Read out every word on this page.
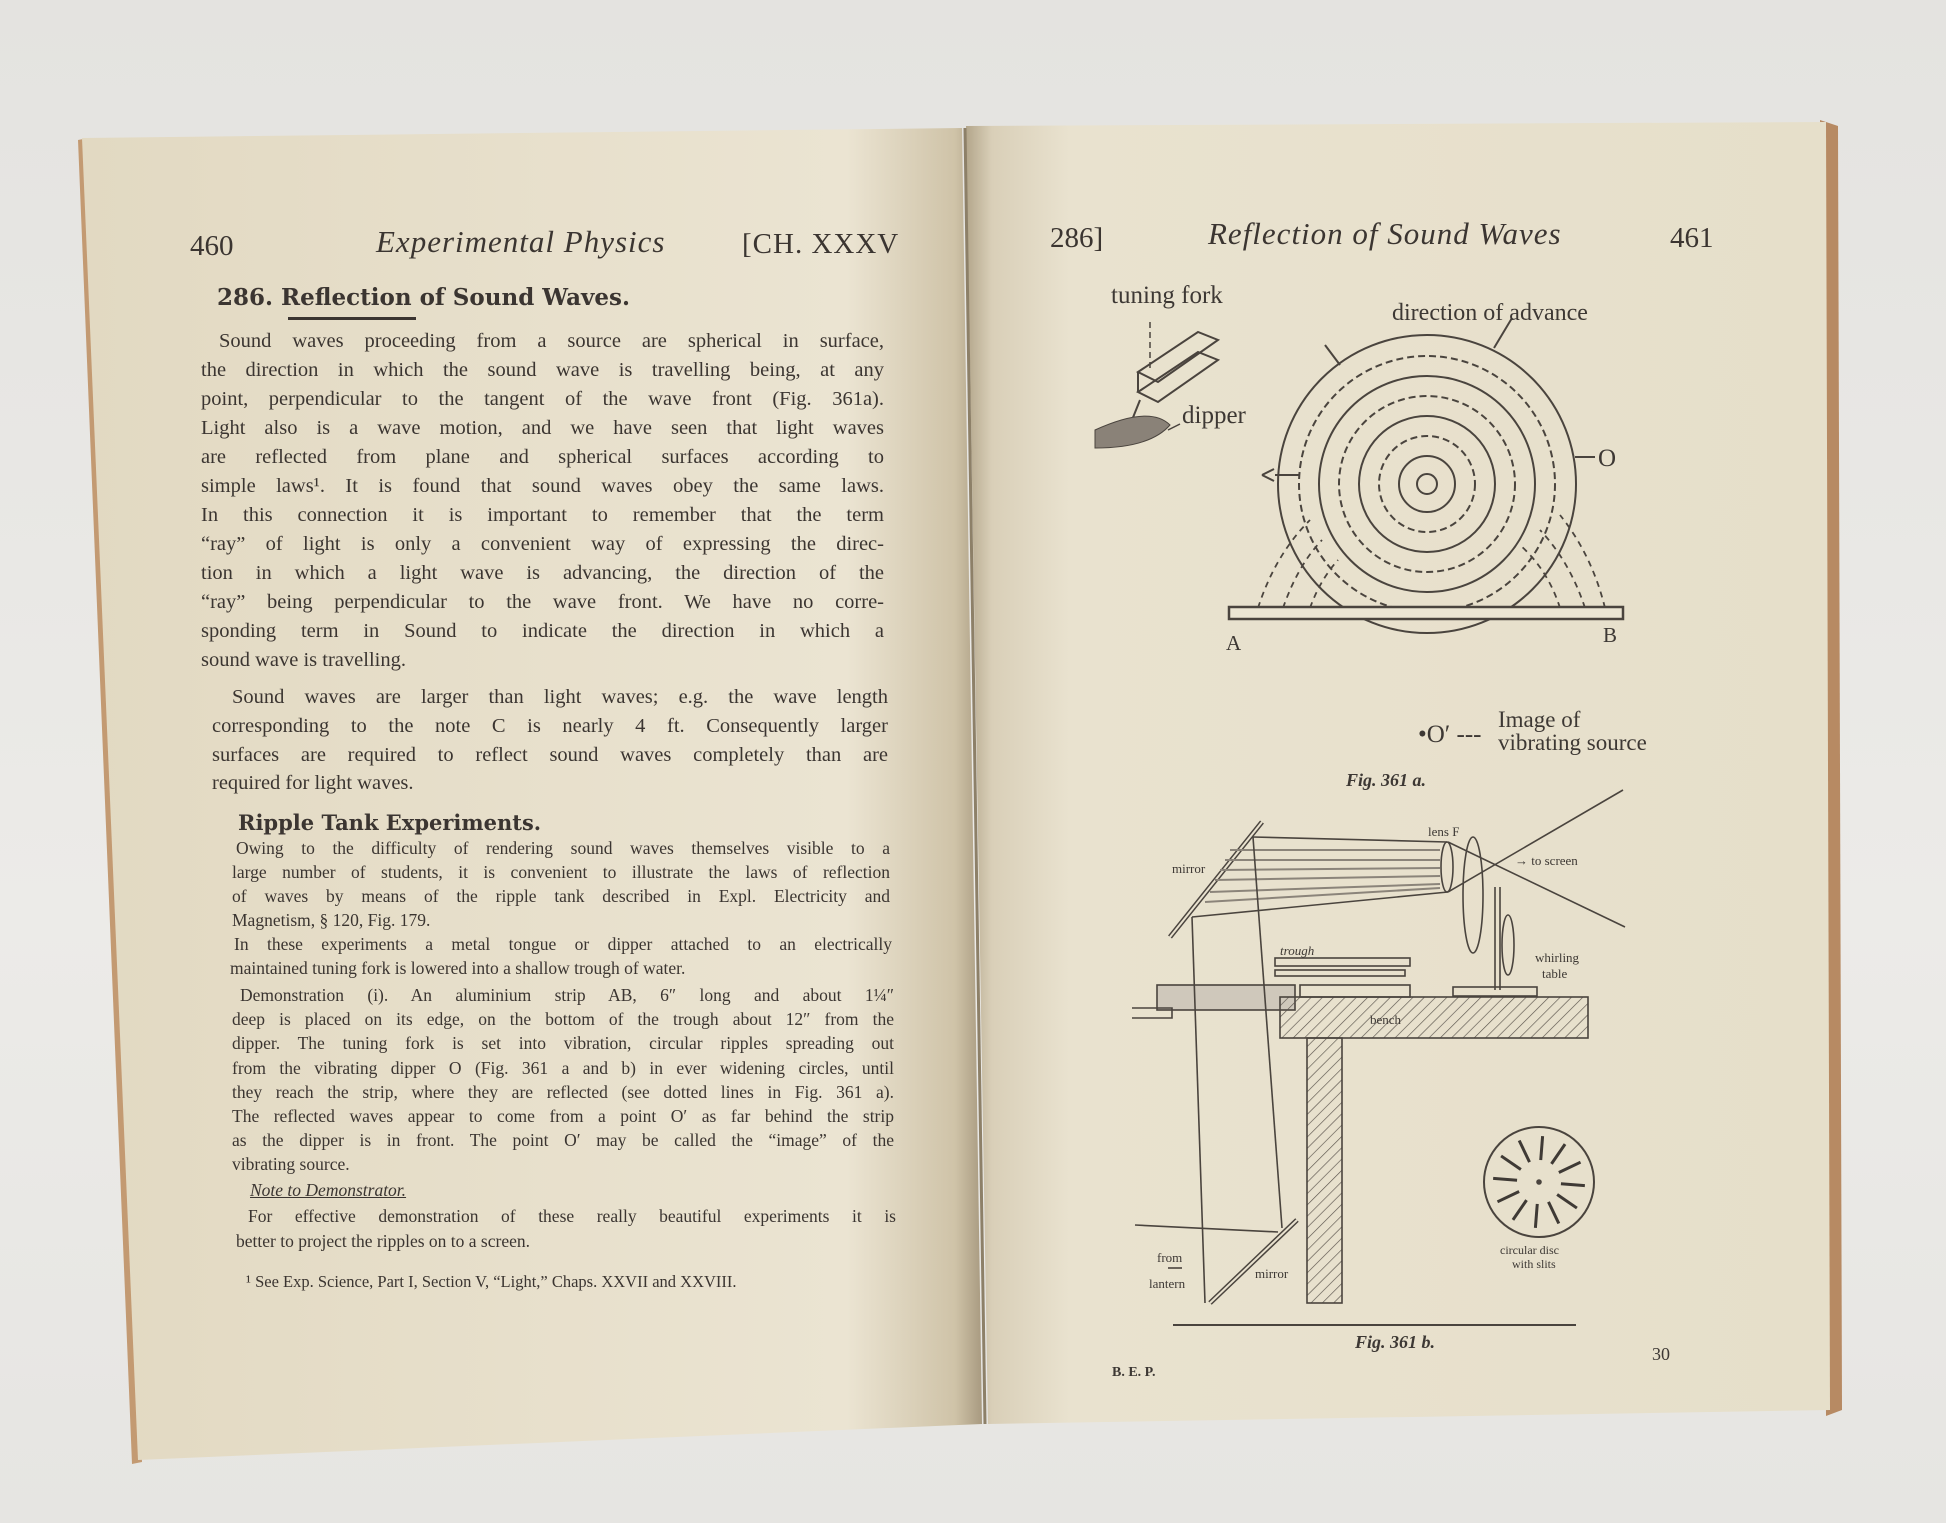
tuning fork
direction of advance
dipper
O
A	B
•O′ ---
Image of
vibrating source
Fig. 361 a.
mirror
lens F
→ to screen
trough	whirling
table
bench
from
lantern
mirror
circular disc
with slits
Fig. 361 b.
B. E. P.
30
460	Experimental Physics	[CH. XXXV
286. Reflection of Sound Waves.
Sound waves proceeding from a source are spherical in surface,
the direction in which the sound wave is travelling being, at any
point, perpendicular to the tangent of the wave front (Fig. 361a).
Light also is a wave motion, and we have seen that light waves
are reflected from plane and spherical surfaces according to
simple laws¹. It is found that sound waves obey the same laws.
In this connection it is important to remember that the term
“ray” of light is only a convenient way of expressing the direc-
tion in which a light wave is advancing, the direction of the
“ray” being perpendicular to the wave front. We have no corre-
sponding term in Sound to indicate the direction in which a
sound wave is travelling.
Sound waves are larger than light waves; e.g. the wave length
corresponding to the note C is nearly 4 ft. Consequently larger
surfaces are required to reflect sound waves completely than are
required for light waves.
Owing to the difficulty of rendering sound waves themselves visible to a
large number of students, it is convenient to illustrate the laws of reflection
of waves by means of the ripple tank described in Expl. Electricity and
Magnetism, § 120, Fig. 179.
In these experiments a metal tongue or dipper attached to an electrically
maintained tuning fork is lowered into a shallow trough of water.
Demonstration (i). An aluminium strip AB, 6″ long and about 1¼″
deep is placed on its edge, on the bottom of the trough about 12″ from the
dipper. The tuning fork is set into vibration, circular ripples spreading out
from the vibrating dipper O (Fig. 361 a and b) in ever widening circles, until
they reach the strip, where they are reflected (see dotted lines in Fig. 361 a).
The reflected waves appear to come from a point O′ as far behind the strip
as the dipper is in front. The point O′ may be called the “image” of the
vibrating source.
For effective demonstration of these really beautiful experiments it is
better to project the ripples on to a screen.
Ripple Tank Experiments.
Note to Demonstrator.
¹ See Exp. Science, Part I, Section V, “Light,” Chaps. XXVII and XXVIII.
286]	Reflection of Sound Waves	461
